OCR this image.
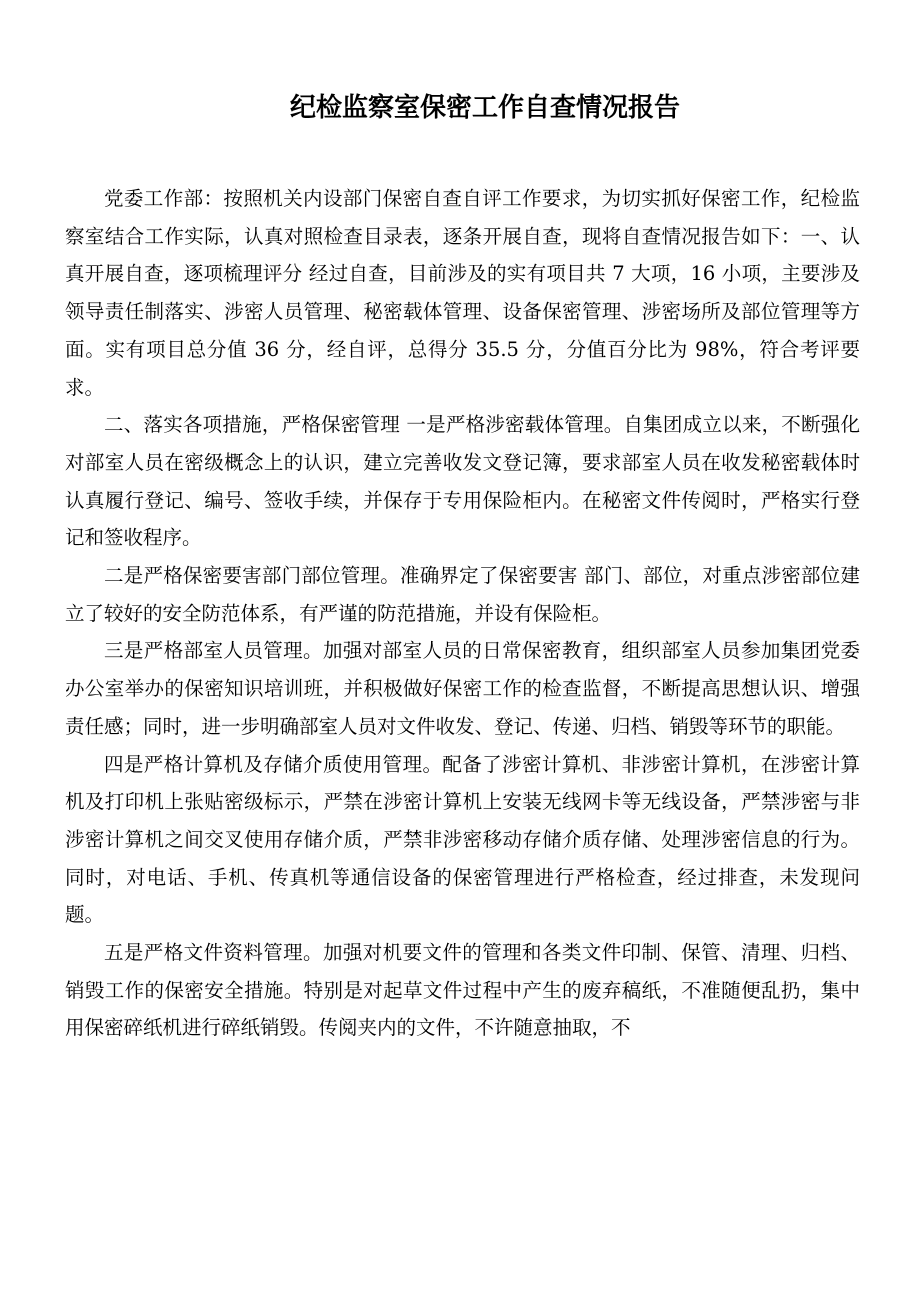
纪检监察室保密工作自查情况报告

党委工作部：按照机关内设部门保密自查自评工作要求，为切实抓好保密工作，纪检监察室结合工作实际，认真对照检查目录表，逐条开展自查，现将自查情况报告如下：一、认真开展自查，逐项梳理评分 经过自查，目前涉及的实有项目共 7 大项，16 小项，主要涉及领导责任制落实、涉密人员管理、秘密载体管理、设备保密管理、涉密场所及部位管理等方面。实有项目总分值 36 分，经自评，总得分 35.5 分，分值百分比为 98%，符合考评要求。

二、落实各项措施，严格保密管理 一是严格涉密载体管理。自集团成立以来，不断强化对部室人员在密级概念上的认识，建立完善收发文登记簿，要求部室人员在收发秘密载体时认真履行登记、编号、签收手续，并保存于专用保险柜内。在秘密文件传阅时，严格实行登记和签收程序。

二是严格保密要害部门部位管理。准确界定了保密要害 部门、部位，对重点涉密部位建立了较好的安全防范体系，有严谨的防范措施，并设有保险柜。

三是严格部室人员管理。加强对部室人员的日常保密教育，组织部室人员参加集团党委办公室举办的保密知识培训班，并积极做好保密工作的检查监督，不断提高思想认识、增强责任感；同时，进一步明确部室人员对文件收发、登记、传递、归档、销毁等环节的职能。

四是严格计算机及存储介质使用管理。配备了涉密计算机、非涉密计算机，在涉密计算机及打印机上张贴密级标示，严禁在涉密计算机上安装无线网卡等无线设备，严禁涉密与非涉密计算机之间交叉使用存储介质，严禁非涉密移动存储介质存储、处理涉密信息的行为。同时，对电话、手机、传真机等通信设备的保密管理进行严格检查，经过排查，未发现问题。

五是严格文件资料管理。加强对机要文件的管理和各类文件印制、保管、清理、归档、销毁工作的保密安全措施。特别是对起草文件过程中产生的废弃稿纸，不准随便乱扔，集中用保密碎纸机进行碎纸销毁。传阅夹内的文件，不许随意抽取，不
